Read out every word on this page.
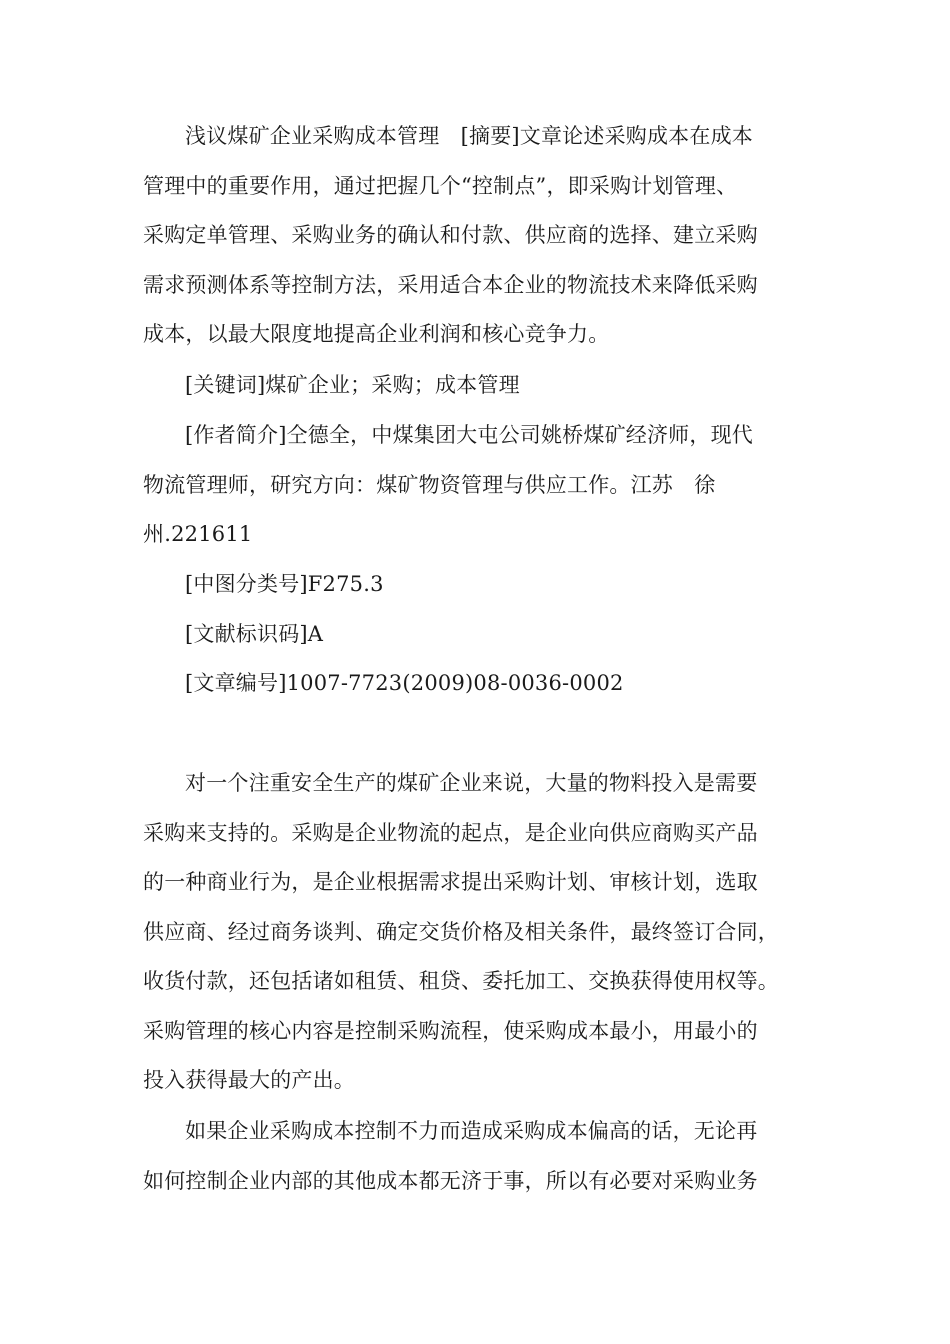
浅议煤矿企业采购成本管理　[摘要]文章论述采购成本在成本

管理中的重要作用，通过把握几个“控制点”，即采购计划管理、

采购定单管理、采购业务的确认和付款、供应商的选择、建立采购

需求预测体系等控制方法，采用适合本企业的物流技术来降低采购

成本，以最大限度地提高企业利润和核心竞争力。

[关键词]煤矿企业；采购；成本管理

[作者简介]仝德全，中煤集团大屯公司姚桥煤矿经济师，现代

物流管理师，研究方向：煤矿物资管理与供应工作。江苏　徐

州.221611

[中图分类号]F275.3

[文献标识码]A

[文章编号]1007-7723(2009)08-0036-0002

对一个注重安全生产的煤矿企业来说，大量的物料投入是需要

采购来支持的。采购是企业物流的起点，是企业向供应商购买产品

的一种商业行为，是企业根据需求提出采购计划、审核计划，选取

供应商、经过商务谈判、确定交货价格及相关条件，最终签订合同，

收货付款，还包括诸如租赁、租贷、委托加工、交换获得使用权等。

采购管理的核心内容是控制采购流程，使采购成本最小，用最小的

投入获得最大的产出。

如果企业采购成本控制不力而造成采购成本偏高的话，无论再

如何控制企业内部的其他成本都无济于事，所以有必要对采购业务
